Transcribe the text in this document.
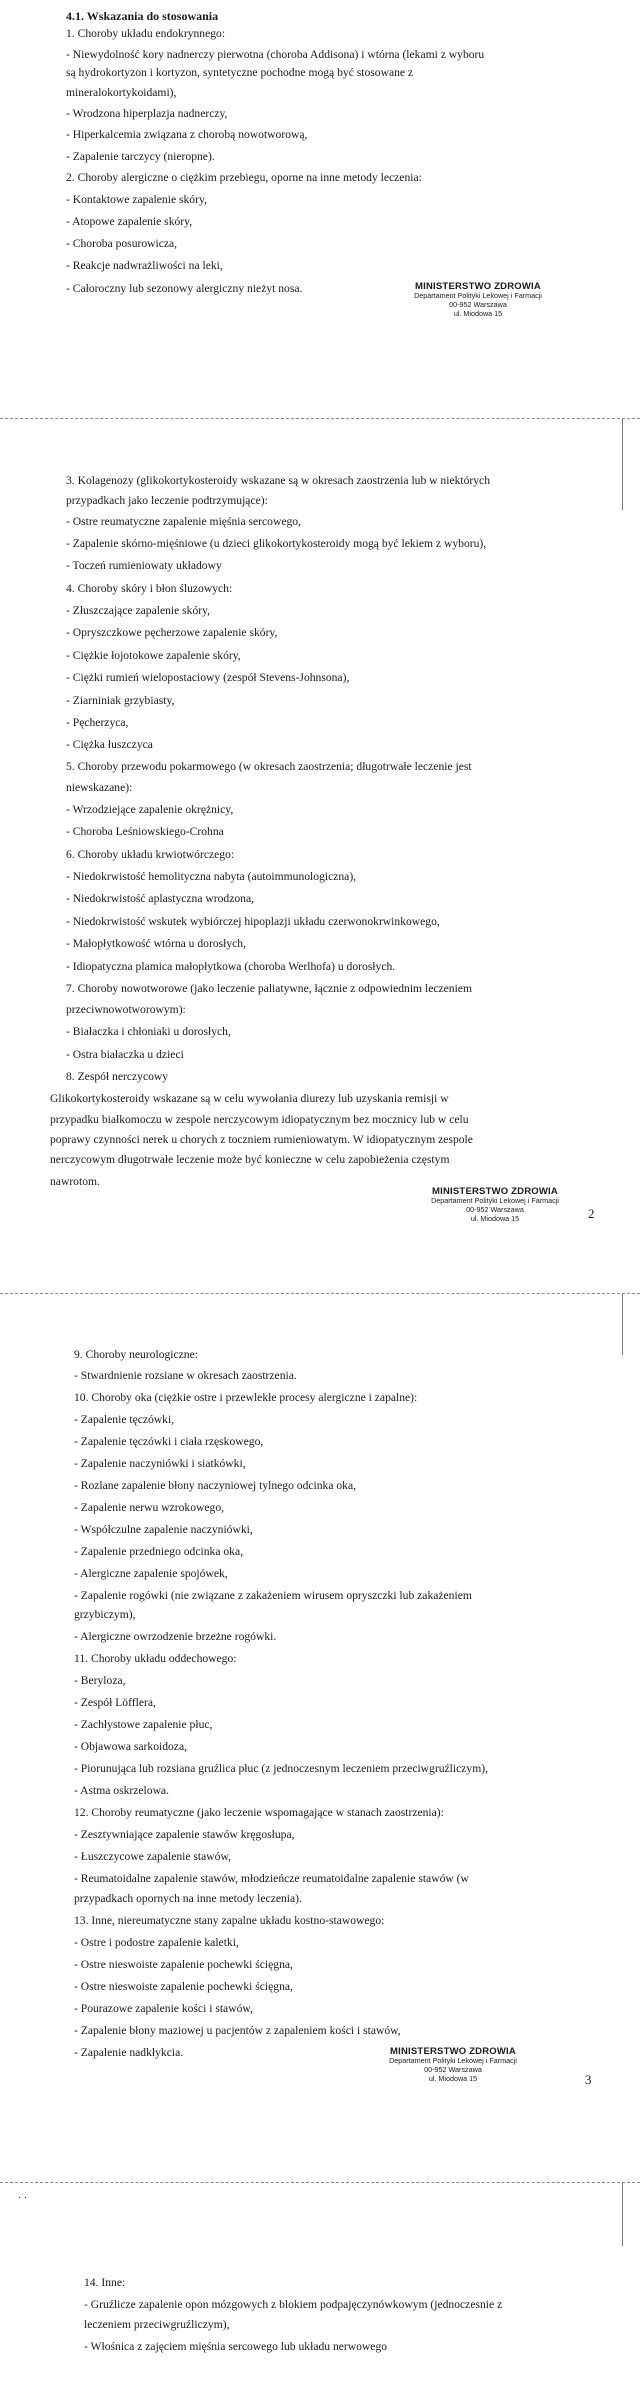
4.1. Wskazania do stosowania
1. Choroby układu endokrynnego:
- Niewydolność kory nadnerczy pierwotna (choroba Addisona) i wtórna (lekami z wyboru
są hydrokortyzon i kortyzon, syntetyczne pochodne mogą być stosowane z
mineralokortykoidami),
- Wrodzona hiperplazja nadnerczy,
- Hiperkalcemia związana z chorobą nowotworową,
- Zapalenie tarczycy (nieropne).
2. Choroby alergiczne o ciężkim przebiegu, oporne na inne metody leczenia:
- Kontaktowe zapalenie skóry,
- Atopowe zapalenie skóry,
- Choroba posurowicza,
- Reakcje nadwrażliwości na leki,
- Całoroczny lub sezonowy alergiczny nieżyt nosa.	MINISTERSTWO ZDROWIA
Departament Polityki Lekowej i Farmacji
00-952 Warszawa
ul. Miodowa 15
3. Kolagenozy (glikokortykosteroidy wskazane są w okresach zaostrzenia lub w niektórych
przypadkach jako leczenie podtrzymujące):
- Ostre reumatyczne zapalenie mięśnia sercowego,
- Zapalenie skórno-mięśniowe (u dzieci glikokortykosteroidy mogą być lekiem z wyboru),
- Toczeń rumieniowaty układowy
4. Choroby skóry i błon śluzowych:
- Złuszczające zapalenie skóry,
- Opryszczkowe pęcherzowe zapalenie skóry,
- Ciężkie łojotokowe zapalenie skóry,
- Ciężki rumień wielopostaciowy (zespół Stevens-Johnsona),
- Ziarniniak grzybiasty,
- Pęcherzyca,
- Ciężka łuszczyca
5. Choroby przewodu pokarmowego (w okresach zaostrzenia; długotrwałe leczenie jest
niewskazane):
- Wrzodziejące zapalenie okrężnicy,
- Choroba Leśniowskiego-Crohna
6. Choroby układu krwiotwórczego:
- Niedokrwistość hemolityczna nabyta (autoimmunologiczna),
- Niedokrwistość aplastyczna wrodzona,
- Niedokrwistość wskutek wybiórczej hipoplazji układu czerwonokrwinkowego,
- Małopłytkowość wtórna u dorosłych,
- Idiopatyczna plamica małopłytkowa (choroba Werlhofa) u dorosłych.
7. Choroby nowotworowe (jako leczenie paliatywne, łącznie z odpowiednim leczeniem
przeciwnowotworowym):
- Białaczka i chłoniaki u dorosłych,
- Ostra białaczka u dzieci
8. Zespół nerczycowy
Glikokortykosteroidy wskazane są w celu wywołania diurezy lub uzyskania remisji w
przypadku białkomoczu w zespole nerczycowym idiopatycznym bez mocznicy lub w celu
poprawy czynności nerek u chorych z toczniem rumieniowatym. W idiopatycznym zespole
nerczycowym długotrwałe leczenie może być konieczne w celu zapobieżenia częstym
nawrotom.
MINISTERSTWO ZDROWIA
Departament Polityki Lekowej i Farmacji
00-952 Warszawa
ul. Miodowa 15	2
9. Choroby neurologiczne:
- Stwardnienie rozsiane w okresach zaostrzenia.
10. Choroby oka (ciężkie ostre i przewlekłe procesy alergiczne i zapalne):
- Zapalenie tęczówki,
- Zapalenie tęczówki i ciała rzęskowego,
- Zapalenie naczyniówki i siatkówki,
- Rozlane zapalenie błony naczyniowej tylnego odcinka oka,
- Zapalenie nerwu wzrokowego,
- Współczulne zapalenie naczyniówki,
- Zapalenie przedniego odcinka oka,
- Alergiczne zapalenie spojówek,
- Zapalenie rogówki (nie związane z zakażeniem wirusem opryszczki lub zakażeniem
grzybiczym),
- Alergiczne owrzodzenie brzeżne rogówki.
11. Choroby układu oddechowego:
- Beryloza,
- Zespół Löfflera,
- Zachłystowe zapalenie płuc,
- Objawowa sarkoidoza,
- Piorunująca lub rozsiana gruźlica płuc (z jednoczesnym leczeniem przeciwgruźliczym),
- Astma oskrzelowa.
12. Choroby reumatyczne (jako leczenie wspomagające w stanach zaostrzenia):
- Zesztywniające zapalenie stawów kręgosłupa,
- Łuszczycowe zapalenie stawów,
- Reumatoidalne zapalenie stawów, młodzieńcze reumatoidalne zapalenie stawów (w
przypadkach opornych na inne metody leczenia).
13. Inne, niereumatyczne stany zapalne układu kostno-stawowego:
- Ostre i podostre zapalenie kaletki,
- Ostre nieswoiste zapalenie pochewki ścięgna,
- Ostre nieswoiste zapalenie pochewki ścięgna,
- Pourazowe zapalenie kości i stawów,
- Zapalenie błony maziowej u pacjentów z zapaleniem kości i stawów,
- Zapalenie nadkłykcia.	MINISTERSTWO ZDROWIA
Departament Polityki Lekowej i Farmacji
00-952 Warszawa
ul. Miodowa 15	3
· ·
14. Inne:
- Gruźlicze zapalenie opon mózgowych z blokiem podpajęczynówkowym (jednoczesnie z
leczeniem przeciwgruźliczym),
- Włośnica z zajęciem mięśnia sercowego lub układu nerwowego
